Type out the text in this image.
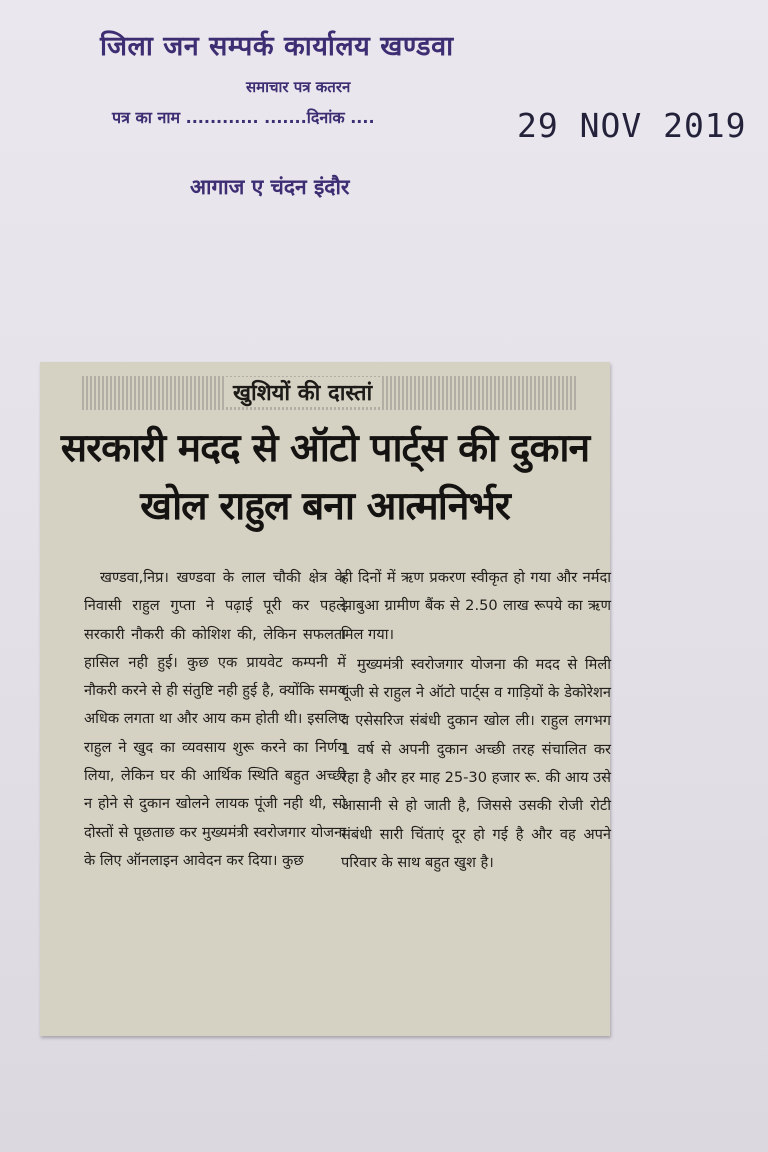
जिला जन सम्पर्क कार्यालय खण्डवा
समाचार पत्र कतरन
पत्र का नाम ............ .......दिनांक ....	29 NOV 2019
आगाज ए चंदन इंदौर
खुशियों की दास्तां
सरकारी मदद से ऑटो पार्ट्स की दुकान खोल राहुल बना आत्मनिर्भर

खण्डवा,निप्र। खण्डवा के लाल चौकी क्षेत्र के निवासी राहुल गुप्ता ने पढ़ाई पूरी कर पहले सरकारी नौकरी की कोशिश की, लेकिन सफलता हासिल नही हुई। कुछ एक प्रायवेट कम्पनी में नौकरी करने से ही संतुष्टि नही हुई है, क्योंकि समय अधिक लगता था और आय कम होती थी। इसलिए राहुल ने खुद का व्यवसाय शुरू करने का निर्णय लिया, लेकिन घर की आर्थिक स्थिति बहुत अच्छी न होने से दुकान खोलने लायक पूंजी नही थी, सो दोस्तों से पूछताछ कर मुख्यमंत्री स्वरोजगार योजना के लिए ऑनलाइन आवेदन कर दिया। कुछ

ही दिनों में ऋण प्रकरण स्वीकृत हो गया और नर्मदा झाबुआ ग्रामीण बैंक से 2.50 लाख रूपये का ऋण मिल गया।

मुख्यमंत्री स्वरोजगार योजना की मदद से मिली पूंजी से राहुल ने ऑटो पार्ट्स व गाड़ियों के डेकोरेशन व एसेसरिज संबंधी दुकान खोल ली। राहुल लगभग 1 वर्ष से अपनी दुकान अच्छी तरह संचालित कर रहा है और हर माह 25-30 हजार रू. की आय उसे आसानी से हो जाती है, जिससे उसकी रोजी रोटी संबंधी सारी चिंताएं दूर हो गई है और वह अपने परिवार के साथ बहुत खुश है।
